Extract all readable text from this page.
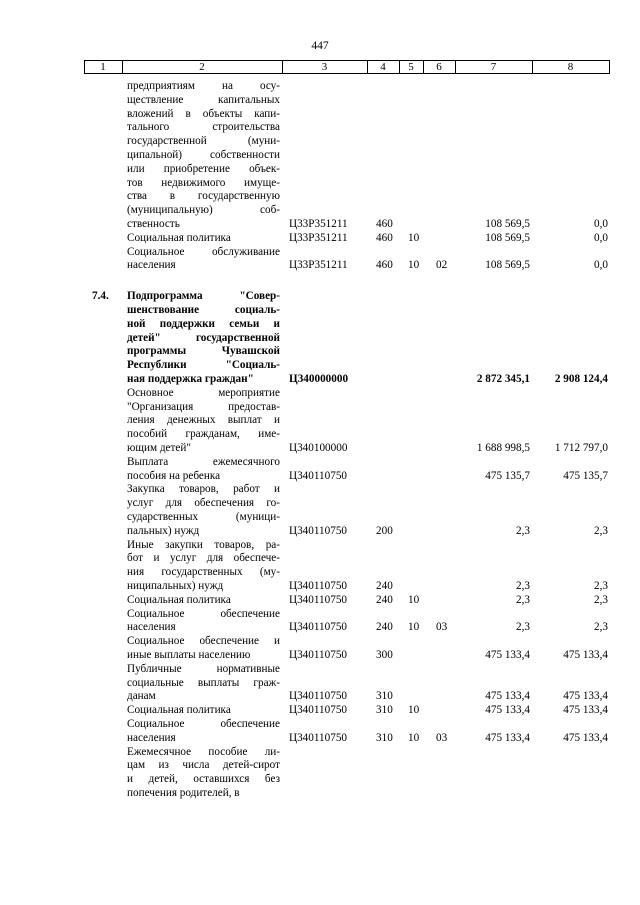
447
1	2	3	4	5	6	7	8
предприятиям на осу-
ществление капитальных
вложений в объекты капи-
тального строительства
государственной (муни-
ципальной) собственности
или приобретение объек-
тов недвижимого имуще-
ства в государственную
(муниципальную) соб-
ственность	Ц33Р351211	460	108 569,5	0,0
Социальная политика	Ц33Р351211	460	10	108 569,5	0,0
Социальное обслуживание
населения	Ц33Р351211	460	10	02	108 569,5	0,0
7.4.	Подпрограмма "Совер-
шенствование социаль-
ной поддержки семьи и
детей" государственной
программы Чувашской
Республики "Социаль-
ная поддержка граждан"	Ц340000000	2 872 345,1	2 908 124,4
Основное мероприятие
"Организация предостав-
ления денежных выплат и
пособий гражданам, име-
ющим детей"	Ц340100000	1 688 998,5	1 712 797,0
Выплата ежемесячного
пособия на ребенка	Ц340110750	475 135,7	475 135,7
Закупка товаров, работ и
услуг для обеспечения го-
сударственных (муници-
пальных) нужд	Ц340110750	200	2,3	2,3
Иные закупки товаров, ра-
бот и услуг для обеспече-
ния государственных (му-
ниципальных) нужд	Ц340110750	240	2,3	2,3
Социальная политика	Ц340110750	240	10	2,3	2,3
Социальное обеспечение
населения	Ц340110750	240	10	03	2,3	2,3
Социальное обеспечение и
иные выплаты населению	Ц340110750	300	475 133,4	475 133,4
Публичные нормативные
социальные выплаты граж-
данам	Ц340110750	310	475 133,4	475 133,4
Социальная политика	Ц340110750	310	10	475 133,4	475 133,4
Социальное обеспечение
населения	Ц340110750	310	10	03	475 133,4	475 133,4
Ежемесячное пособие ли-
цам из числа детей-сирот
и детей, оставшихся без
попечения родителей, в
